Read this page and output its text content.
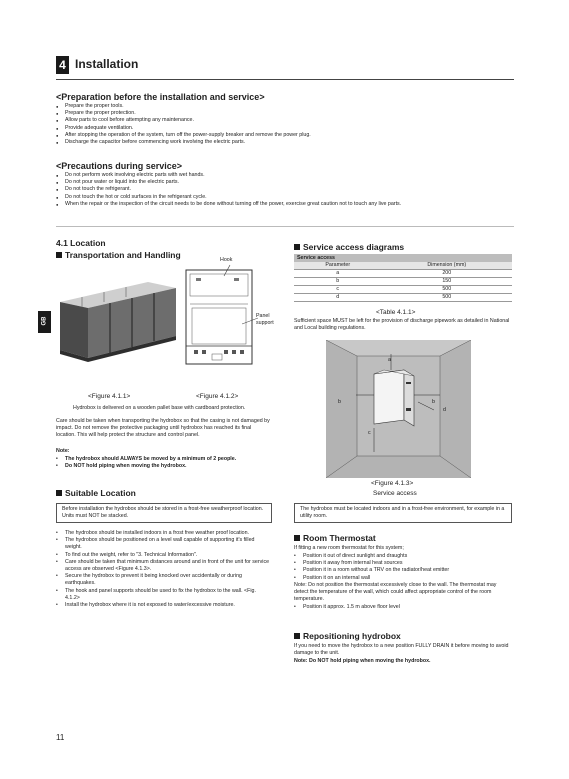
4 Installation
GB
<Preparation before the installation and service>
● Prepare the proper tools.
● Prepare the proper protection.
● Allow parts to cool before attempting any maintenance.
● Provide adequate ventilation.
● After stopping the operation of the system, turn off the power-supply breaker and remove the power plug.
● Discharge the capacitor before commencing work involving the electric parts.
<Precautions during service>
● Do not perform work involving electric parts with wet hands.
● Do not pour water or liquid into the electric parts.
● Do not touch the refrigerant.
● Do not touch the hot or cold surfaces in the refrigerant cycle.
● When the repair or the inspection of the circuit needs to be done without turning off the power, exercise great caution not to touch any live parts.
4.1 Location
Transportation and Handling	Hook
Panel
support
<Figure 4.1.1>	<Figure 4.1.2>
Hydrobox is delivered on a wooden pallet base with cardboard protection.
Care should be taken when transporting the hydrobox so that the casing is not damaged by impact. Do not remove the protective packaging until hydrobox has reached its final location. This will help protect the structure and control panel.
Note:
• The hydrobox should ALWAYS be moved by a minimum of 2 people.
• Do NOT hold piping when moving the hydrobox.
Suitable Location
Before installation the hydrobox should be stored in a frost-free weatherproof location. Units must NOT be stacked.
• The hydrobox should be installed indoors in a frost free weather proof location.
• The hydrobox should be positioned on a level wall capable of supporting it's filled weight.
• To find out the weight, refer to "3. Technical Information".
• Care should be taken that minimum distances around and in front of the unit for service access are observed <Figure 4.1.3>.
• Secure the hydrobox to prevent it being knocked over accidentally or during earthquakes.
• The hook and panel supports should be used to fix the hydrobox to the wall. <Fig. 4.1.2>
• Install the hydrobox where it is not exposed to water/excessive moisture.
Service access diagrams
Service access	
Parameter	Dimension (mm)
a	200
b	150
c	500
d	500
<Table 4.1.1>
Sufficient space MUST be left for the provision of discharge pipework as detailed in National and Local building regulations.
a
b	b
d
c
<Figure 4.1.3>
Service access
The hydrobox must be located indoors and in a frost-free environment, for example in a utility room.
Room Thermostat
If fitting a new room thermostat for this system;
• Position it out of direct sunlight and draughts
• Position it away from internal heat sources
• Position it in a room without a TRV on the radiator/heat emitter
• Position it on an internal wall
Note: Do not position the thermostat excessively close to the wall. The thermostat may detect the temperature of the wall, which could affect appropriate control of the room temperature.
• Position it approx. 1.5 m above floor level
Repositioning hydrobox
If you need to move the hydrobox to a new position FULLY DRAIN it before moving to avoid damage to the unit.
Note: Do NOT hold piping when moving the hydrobox.
11
